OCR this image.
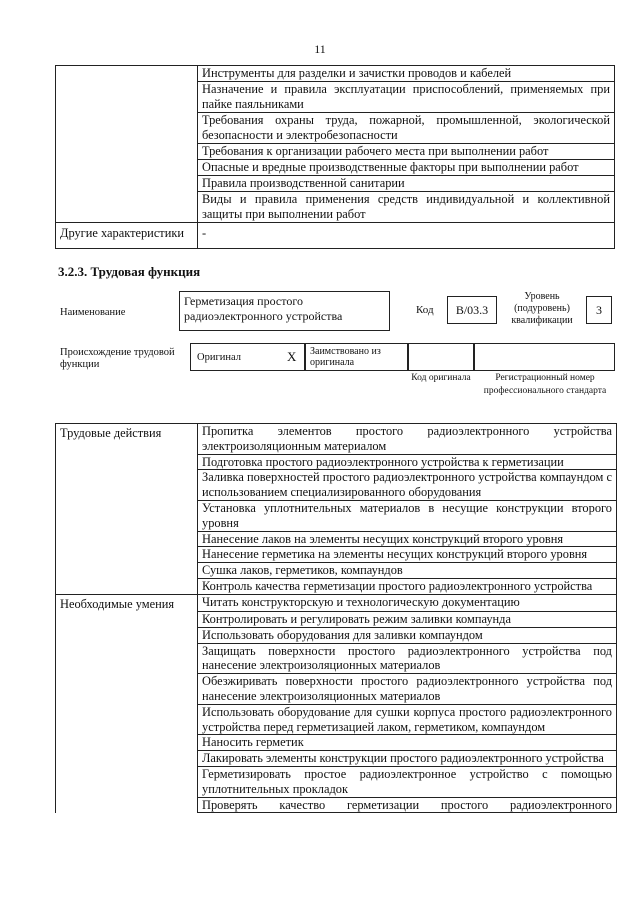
11
	Инструменты для разделки и зачистки проводов и кабелей
	Назначение и правила эксплуатации приспособлений, применяемых при пайке паяльниками
	Требования охраны труда, пожарной, промышленной, экологической безопасности и электробезопасности
	Требования к организации рабочего места при выполнении работ
	Опасные и вредные производственные факторы при выполнении работ
	Правила производственной санитарии
	Виды и правила применения средств индивидуальной и коллективной защиты при выполнении работ
Другие характеристики	-
3.2.3. Трудовая функция
Наименование
Герметизация простого радиоэлектронного устройства	Код	B/03.3
Уровень (подуровень) квалификации
3
Происхождение трудовой функции
Оригинал	X Заимствовано из оригинала
Код оригинала	Регистрационный номер профессионального стандарта
Трудовые действия	Пропитка элементов простого радиоэлектронного устройства электроизоляционным материалом
	Подготовка простого радиоэлектронного устройства к герметизации
	Заливка поверхностей простого радиоэлектронного устройства компаундом с использованием специализированного оборудования
	Установка уплотнительных материалов в несущие конструкции второго уровня
	Нанесение лаков на элементы несущих конструкций второго уровня
	Нанесение герметика на элементы несущих конструкций второго уровня
	Сушка лаков, герметиков, компаундов
	Контроль качества герметизации простого радиоэлектронного устройства
Необходимые умения	Читать конструкторскую и технологическую документацию
	Контролировать и регулировать режим заливки компаунда
	Использовать оборудования для заливки компаундом
	Защищать поверхности простого радиоэлектронного устройства под нанесение электроизоляционных материалов
	Обезжиривать поверхности простого радиоэлектронного устройства под нанесение электроизоляционных материалов
	Использовать оборудование для сушки корпуса простого радиоэлектронного устройства перед герметизацией лаком, герметиком, компаундом
	Наносить герметик
	Лакировать элементы конструкции простого радиоэлектронного устройства
	Герметизировать простое радиоэлектронное устройство с помощью уплотнительных прокладок
	Проверять качество герметизации простого радиоэлектронного
